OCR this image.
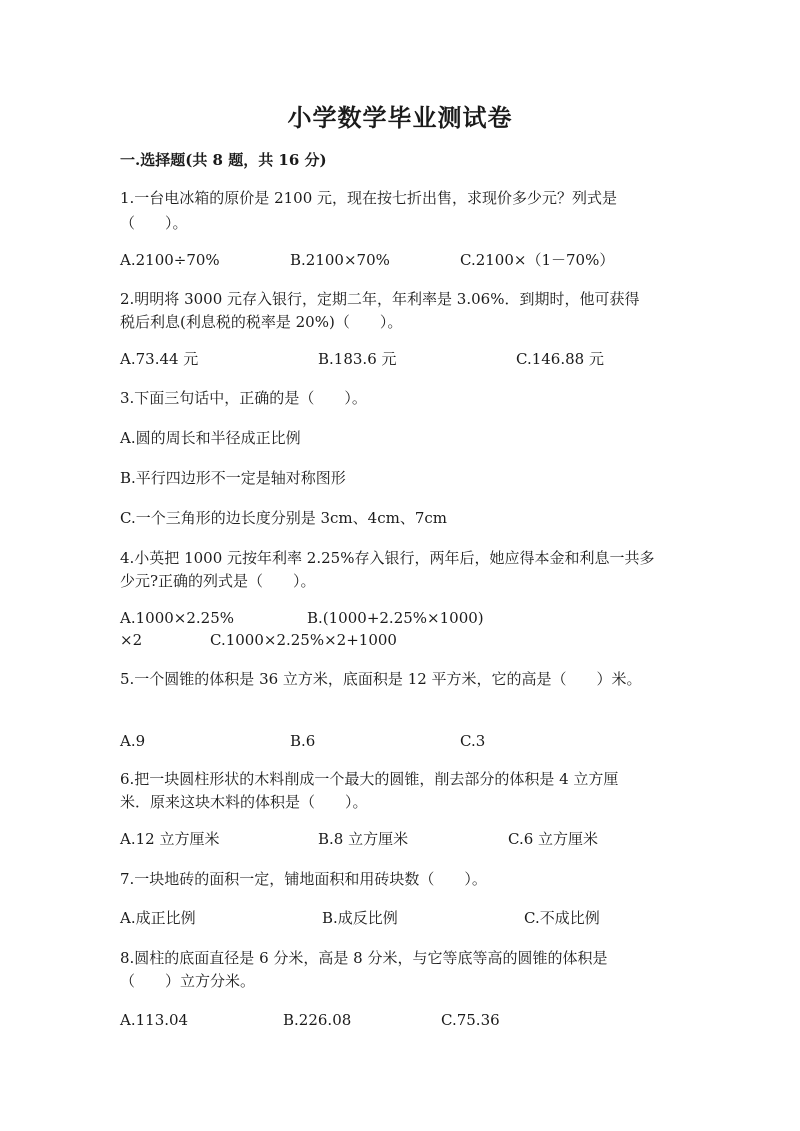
小学数学毕业测试卷
一.选择题(共 8 题，共 16 分)
1.一台电冰箱的原价是 2100 元，现在按七折出售，求现价多少元？列式是
（　　）。
A.2100÷70%	B.2100×70%	C.2100×（1－70%）
2.明明将 3000 元存入银行，定期二年，年利率是 3.06%．到期时，他可获得
税后利息(利息税的税率是 20%)（　　）。
A.73.44 元	B.183.6 元	C.146.88 元
3.下面三句话中，正确的是（　　）。
A.圆的周长和半径成正比例
B.平行四边形不一定是轴对称图形
C.一个三角形的边长度分别是 3cm、4cm、7cm
4.小英把 1000 元按年利率 2.25%存入银行，两年后，她应得本金和利息一共多
少元?正确的列式是（　　）。
A.1000×2.25%	B.(1000+2.25%×1000)
×2	C.1000×2.25%×2+1000
5.一个圆锥的体积是 36 立方米，底面积是 12 平方米，它的高是（　　）米。
A.9	B.6	C.3
6.把一块圆柱形状的木料削成一个最大的圆锥，削去部分的体积是 4 立方厘
米．原来这块木料的体积是（　　）。
A.12 立方厘米	B.8 立方厘米	C.6 立方厘米
7.一块地砖的面积一定，铺地面积和用砖块数（　　）。
A.成正比例	B.成反比例	C.不成比例
8.圆柱的底面直径是 6 分米，高是 8 分米，与它等底等高的圆锥的体积是
（　　）立方分米。
A.113.04	B.226.08	C.75.36
